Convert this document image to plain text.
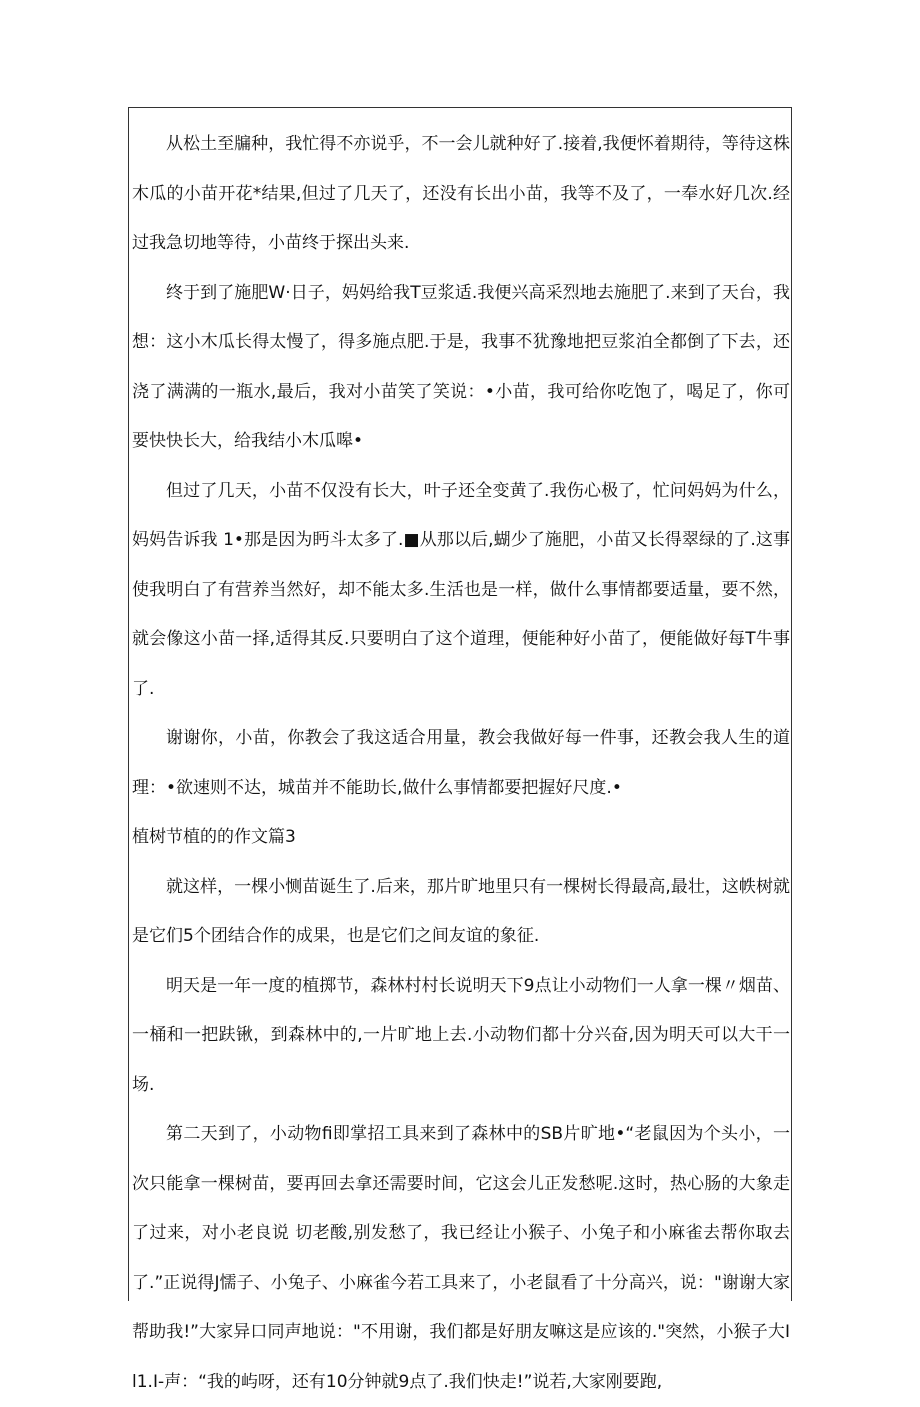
从松土至牖种，我忙得不亦说乎，不一会儿就种好了.接着,我便怀着期待，等待这株木瓜的小苗开花*结果,但过了几天了，还没有长出小苗，我等不及了，一奉水好几次.经过我急切地等待，小苗终于探出头来.

终于到了施肥W·日子，妈妈给我T豆浆适.我便兴高采烈地去施肥了.来到了天台，我想：这小木瓜长得太慢了，得多施点肥.于是，我事不犹豫地把豆浆泊全都倒了下去，还浇了满满的一瓶水,最后，我对小苗笑了笑说：•小苗，我可给你吃饱了，喝足了，你可要快快长大，给我结小木瓜嗥•

但过了几天，小苗不仅没有长大，叶子还全变黄了.我伤心极了，忙问妈妈为什么，妈妈告诉我 1•那是因为眄斗太多了.■从那以后,蝴少了施肥，小苗又长得翠绿的了.这事使我明白了有营养当然好，却不能太多.生活也是一样，做什么事情都要适量，要不然，就会像这小苗一择,适得其反.只要明白了这个道理，便能种好小苗了，便能做好每T牛事了.

谢谢你，小苗，你教会了我这适合用量，教会我做好每一件事，还教会我人生的道理：•欲速则不达，城苗并不能助长,做什么事情都要把握好尺度.•

植树节植的的作文篇3

就这样，一棵小恻苗诞生了.后来，那片旷地里只有一棵树长得最高,最壮，这帙树就是它们5个团结合作的成果，也是它们之间友谊的象征.

明天是一年一度的植掷节，森林村村长说明天下9点让小动物们一人拿一棵〃烟苗、一桶和一把趺锹，到森林中的,一片旷地上去.小动物们都十分兴奋,因为明天可以大干一场.

第二天到了，小动物fi即掌招工具来到了森林中的SB片旷地•“老鼠因为个头小，一次只能拿一棵树苗，要再回去拿还需要时间，它这会儿正发愁呢.这时，热心肠的大象走了过来，对小老良说 切老酸,别发愁了，我已经让小猴子、小兔子和小麻雀去帮你取去了.”正说得J懦子、小兔子、小麻雀今若工具来了，小老鼠看了十分高兴，说："谢谢大家帮助我!”大家异口同声地说："不用谢，我们都是好朋友嘛这是应该的."突然，小猴子大Il1.I-声：“我的屿呀，还有10分钟就9点了.我们快走!”说若,大家刚要跑,
